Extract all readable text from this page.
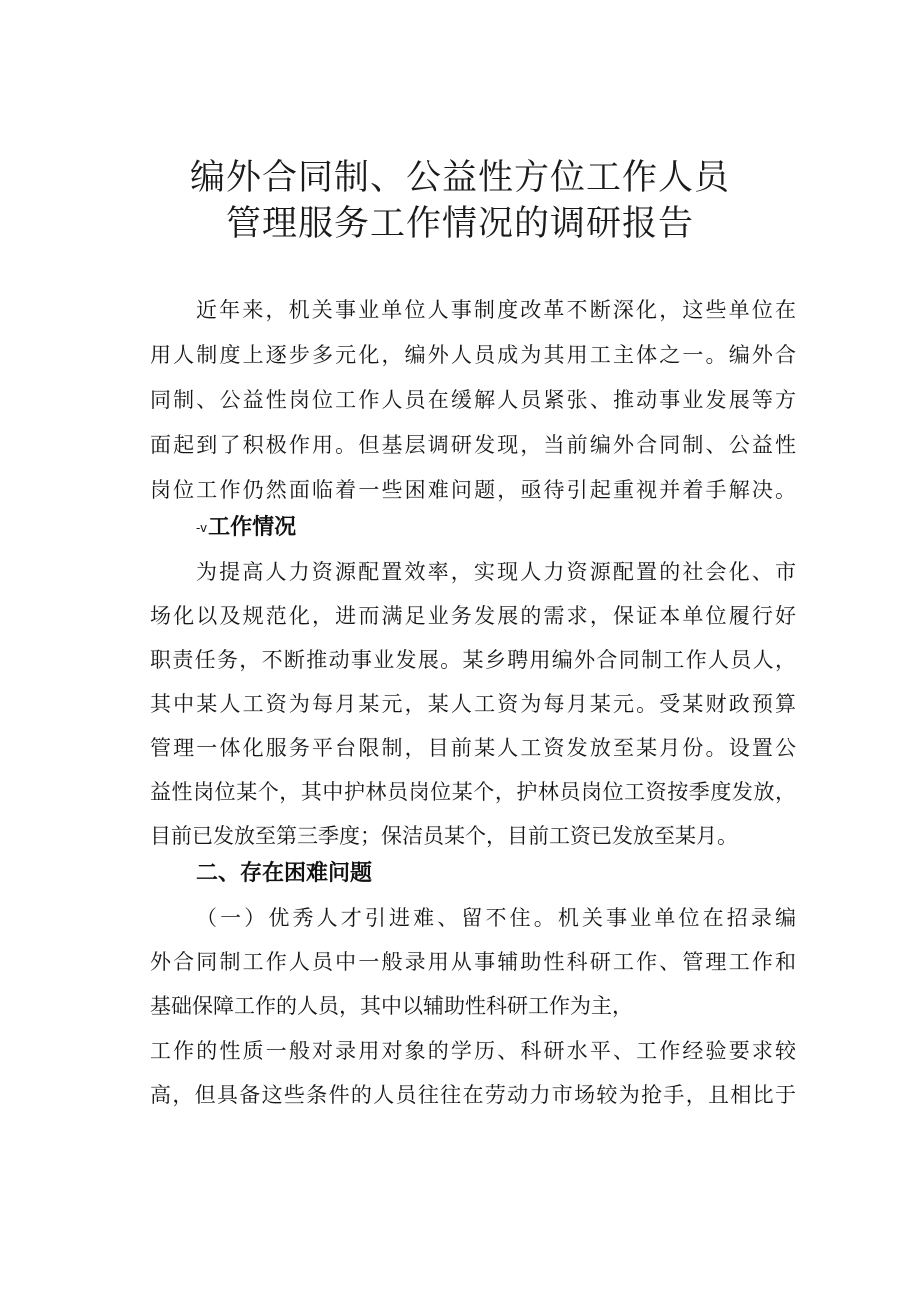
编外合同制、公益性方位工作人员
管理服务工作情况的调研报告
近年来，机关事业单位人事制度改革不断深化，这些单位在
用人制度上逐步多元化，编外人员成为其用工主体之一。编外合
同制、公益性岗位工作人员在缓解人员紧张、推动事业发展等方
面起到了积极作用。但基层调研发现，当前编外合同制、公益性
岗位工作仍然面临着一些困难问题，亟待引起重视并着手解决。
-v工作情况
为提高人力资源配置效率，实现人力资源配置的社会化、市
场化以及规范化，进而满足业务发展的需求，保证本单位履行好
职责任务，不断推动事业发展。某乡聘用编外合同制工作人员人，
其中某人工资为每月某元，某人工资为每月某元。受某财政预算
管理一体化服务平台限制，目前某人工资发放至某月份。设置公
益性岗位某个，其中护林员岗位某个，护林员岗位工资按季度发放，
目前已发放至第三季度；保洁员某个，目前工资已发放至某月。
二、存在困难问题
（一）优秀人才引进难、留不住。机关事业单位在招录编
外合同制工作人员中一般录用从事辅助性科研工作、管理工作和
基础保障工作的人员，其中以辅助性科研工作为主，
工作的性质一般对录用对象的学历、科研水平、工作经验要求较
高，但具备这些条件的人员往往在劳动力市场较为抢手，且相比于
